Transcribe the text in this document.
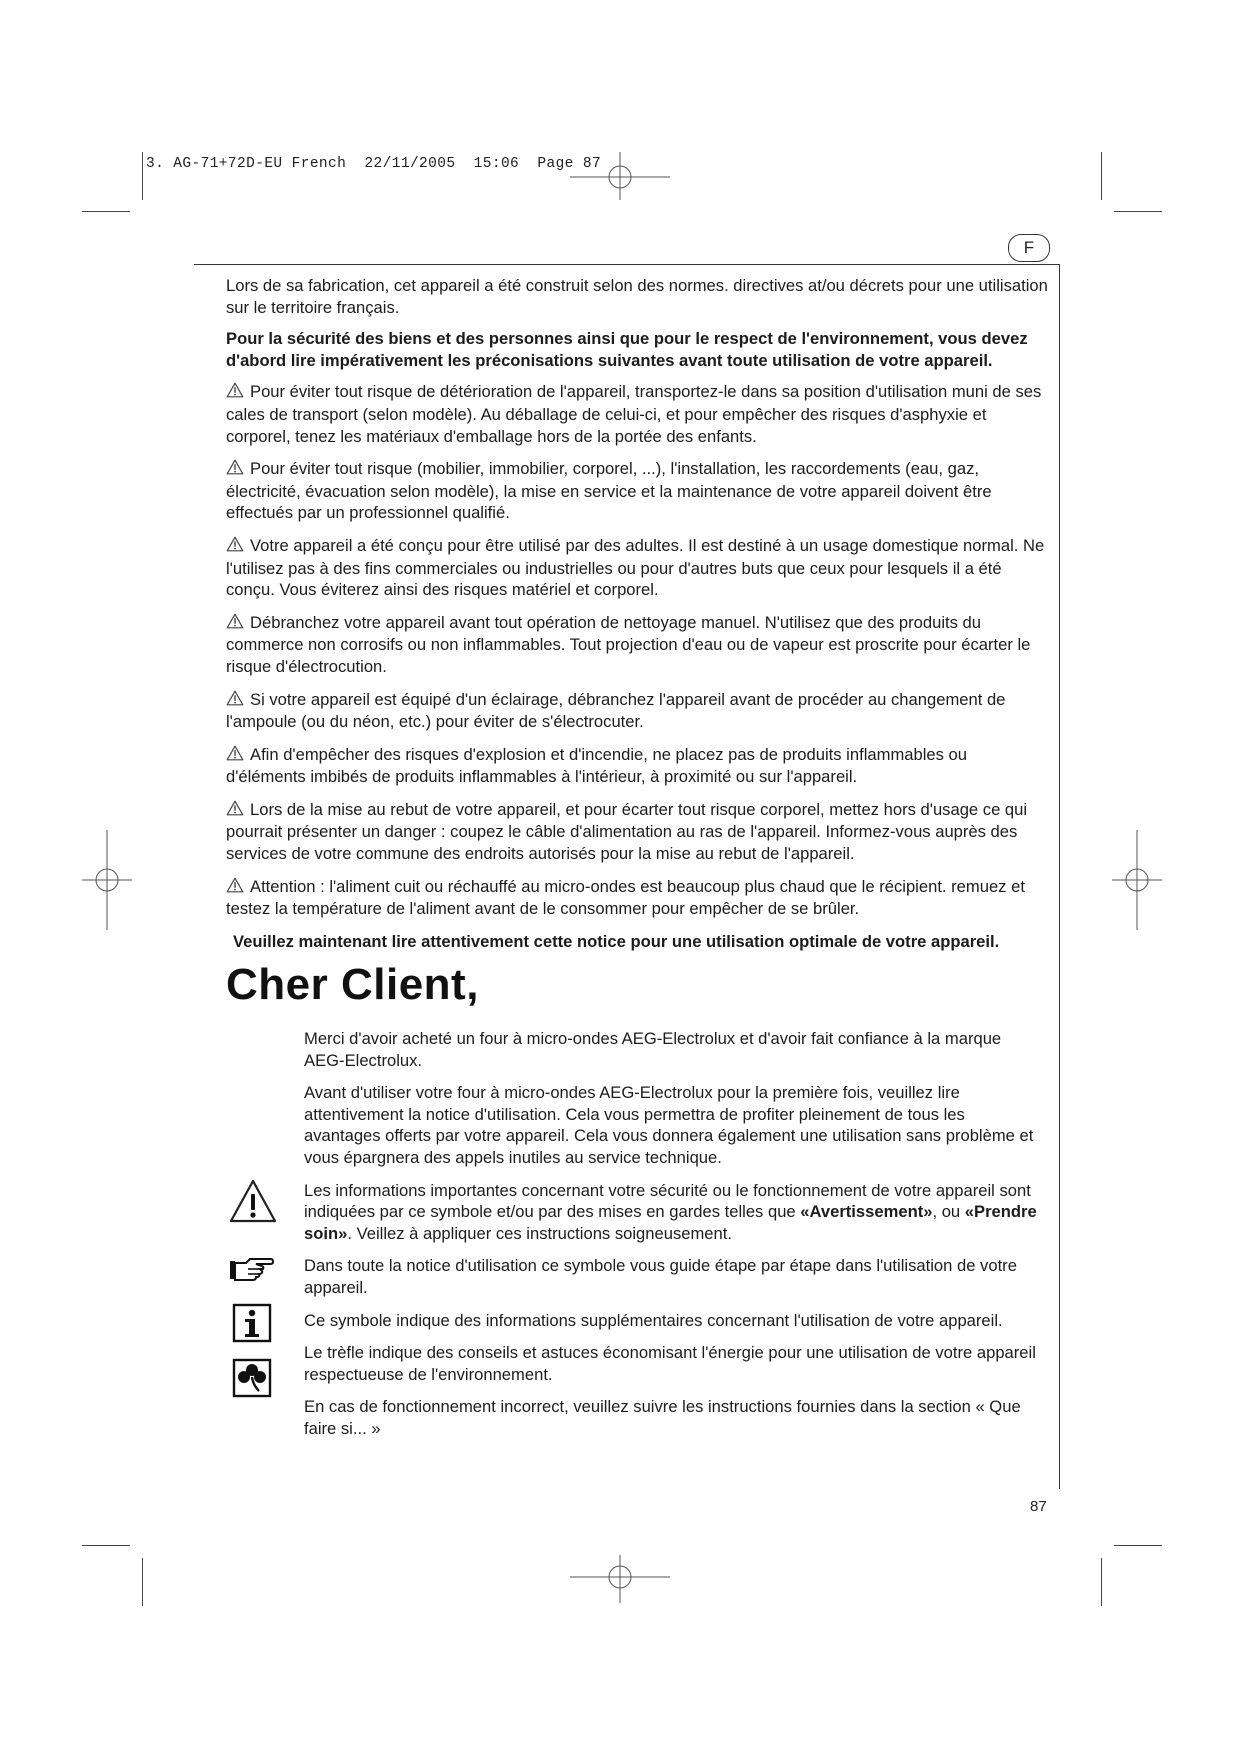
3. AG-71+72D-EU French  22/11/2005  15:06  Page 87
F

Lors de sa fabrication, cet appareil a été construit selon des normes. directives at/ou décrets pour une utilisation sur le territoire français.

Pour la sécurité des biens et des personnes ainsi que pour le respect de l'environnement, vous devez d'abord lire impérativement les préconisations suivantes avant toute utilisation de votre appareil.

Pour éviter tout risque de détérioration de l'appareil, transportez-le dans sa position d'utilisation muni de ses cales de transport (selon modèle). Au déballage de celui-ci, et pour empêcher des risques d'asphyxie et corporel, tenez les matériaux d'emballage hors de la portée des enfants.

Pour éviter tout risque (mobilier, immobilier, corporel, ...), l'installation, les raccordements (eau, gaz, électricité, évacuation selon modèle), la mise en service et la maintenance de votre appareil doivent être effectués par un professionnel qualifié.

Votre appareil a été conçu pour être utilisé par des adultes. Il est destiné à un usage domestique normal. Ne l'utilisez pas à des fins commerciales ou industrielles ou pour d'autres buts que ceux pour lesquels il a été conçu. Vous éviterez ainsi des risques matériel et corporel.

Débranchez votre appareil avant tout opération de nettoyage manuel. N'utilisez que des produits du commerce non corrosifs ou non inflammables. Tout projection d'eau ou de vapeur est proscrite pour écarter le risque d'électrocution.

Si votre appareil est équipé d'un éclairage, débranchez l'appareil avant de procéder au changement de l'ampoule (ou du néon, etc.) pour éviter de s'électrocuter.

Afin d'empêcher des risques d'explosion et d'incendie, ne placez pas de produits inflammables ou d'éléments imbibés de produits inflammables à l'intérieur, à proximité ou sur l'appareil.

Lors de la mise au rebut de votre appareil, et pour écarter tout risque corporel, mettez hors d'usage ce qui pourrait présenter un danger : coupez le câble d'alimentation au ras de l'appareil. Informez-vous auprès des services de votre commune des endroits autorisés pour la mise au rebut de l'appareil.

Attention : l'aliment cuit ou réchauffé au micro-ondes est beaucoup plus chaud que le récipient. remuez et testez la température de l'aliment avant de le consommer pour empêcher de se brûler.

Veuillez maintenant lire attentivement cette notice pour une utilisation optimale de votre appareil.

Cher Client,

Merci d'avoir acheté un four à micro-ondes AEG-Electrolux et d'avoir fait confiance à la marque AEG-Electrolux.

Avant d'utiliser votre four à micro-ondes AEG-Electrolux pour la première fois, veuillez lire attentivement la notice d'utilisation. Cela vous permettra de profiter pleinement de tous les avantages offerts par votre appareil. Cela vous donnera également une utilisation sans problème et vous épargnera des appels inutiles au service technique.

Les informations importantes concernant votre sécurité ou le fonctionnement de votre appareil sont indiquées par ce symbole et/ou par des mises en gardes telles que «Avertissement», ou «Prendre soin». Veillez à appliquer ces instructions soigneusement.

Dans toute la notice d'utilisation ce symbole vous guide étape par étape dans l'utilisation de votre appareil.

Ce symbole indique des informations supplémentaires concernant l'utilisation de votre appareil.

Le trèfle indique des conseils et astuces économisant l'énergie pour une utilisation de votre appareil respectueuse de l'environnement.

En cas de fonctionnement incorrect, veuillez suivre les instructions fournies dans la section « Que faire si... »

87
